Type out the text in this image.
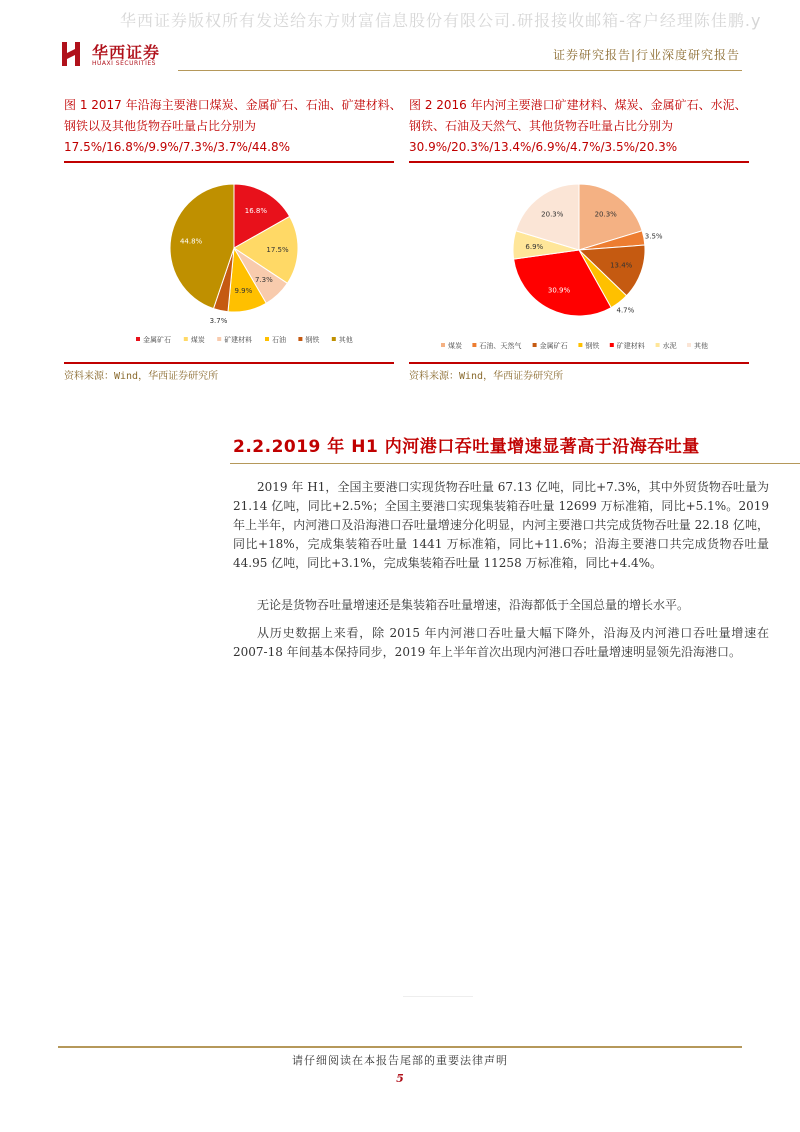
华西证券版权所有发送给东方财富信息股份有限公司.研报接收邮箱-客户经理陈佳鹏.y
华西证券
HUAXI SECURITIES
证券研究报告|行业深度研究报告
图 1 2017 年沿海主要港口煤炭、金属矿石、石油、矿建材料、钢铁以及其他货物吞吐量占比分别为 17.5%/16.8%/9.9%/7.3%/3.7%/44.8%
图 2 2016 年内河主要港口矿建材料、煤炭、金属矿石、水泥、钢铁、石油及天然气、其他货物吞吐量占比分别为 30.9%/20.3%/13.4%/6.9%/4.7%/3.5%/20.3%
16.8%
17.5%
7.3%
9.9%
3.7%
44.8%
金属矿石	煤炭	矿建材料	石油	钢铁	其他
20.3%
3.5%
13.4%
4.7%
30.9%
6.9%
20.3%
煤炭 石油、天然气	金属矿石	钢铁 矿建材料	水泥 其他
资料来源：Wind，华西证券研究所	资料来源：Wind，华西证券研究所
2.2.2019 年 H1 内河港口吞吐量增速显著高于沿海吞吐量

2019 年 H1，全国主要港口实现货物吞吐量 67.13 亿吨，同比+7.3%，其中外贸货物吞吐量为 21.14 亿吨，同比+2.5%；全国主要港口实现集装箱吞吐量 12699 万标准箱，同比+5.1%。2019 年上半年，内河港口及沿海港口吞吐量增速分化明显，内河主要港口共完成货物吞吐量 22.18 亿吨，同比+18%，完成集装箱吞吐量 1441 万标准箱，同比+11.6%；沿海主要港口共完成货物吞吐量 44.95 亿吨，同比+3.1%，完成集装箱吞吐量 11258 万标准箱，同比+4.4%。

无论是货物吞吐量增速还是集装箱吞吐量增速，沿海都低于全国总量的增长水平。

从历史数据上来看，除 2015 年内河港口吞吐量大幅下降外，沿海及内河港口吞吐量增速在 2007-18 年间基本保持同步，2019 年上半年首次出现内河港口吞吐量增速明显领先沿海港口。

请仔细阅读在本报告尾部的重要法律声明
5
